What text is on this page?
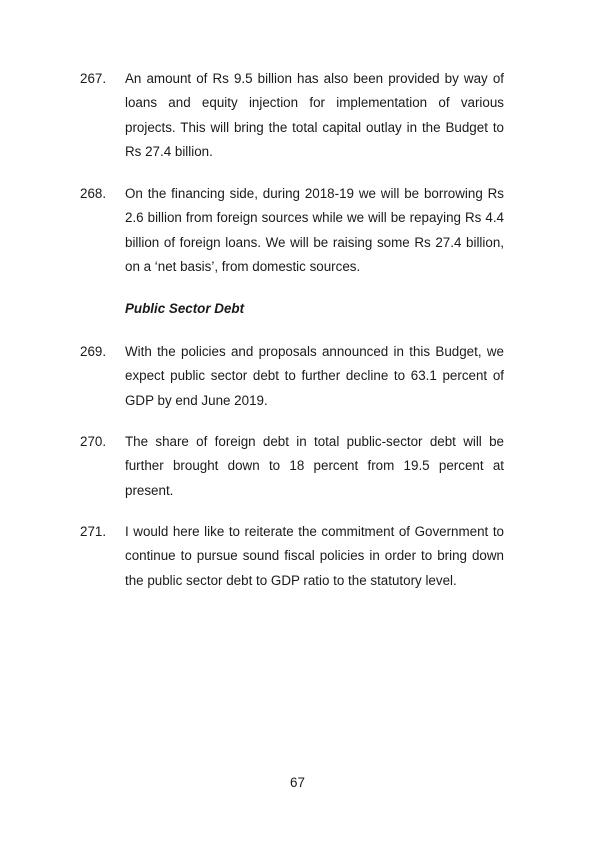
267.	An amount of Rs 9.5 billion has also been provided by way of loans and equity injection for implementation of various projects. This will bring the total capital outlay in the Budget to Rs 27.4 billion.
268.	On the financing side, during 2018-19 we will be borrowing Rs 2.6 billion from foreign sources while we will be repaying Rs 4.4 billion of foreign loans. We will be raising some Rs 27.4 billion, on a ‘net basis’, from domestic sources.
Public Sector Debt
269.	With the policies and proposals announced in this Budget, we expect public sector debt to further decline to 63.1 percent of GDP by end June 2019.
270.	The share of foreign debt in total public-sector debt will be further brought down to 18 percent from 19.5 percent at present.
271.	I would here like to reiterate the commitment of Government to continue to pursue sound fiscal policies in order to bring down the public sector debt to GDP ratio to the statutory level.
67
